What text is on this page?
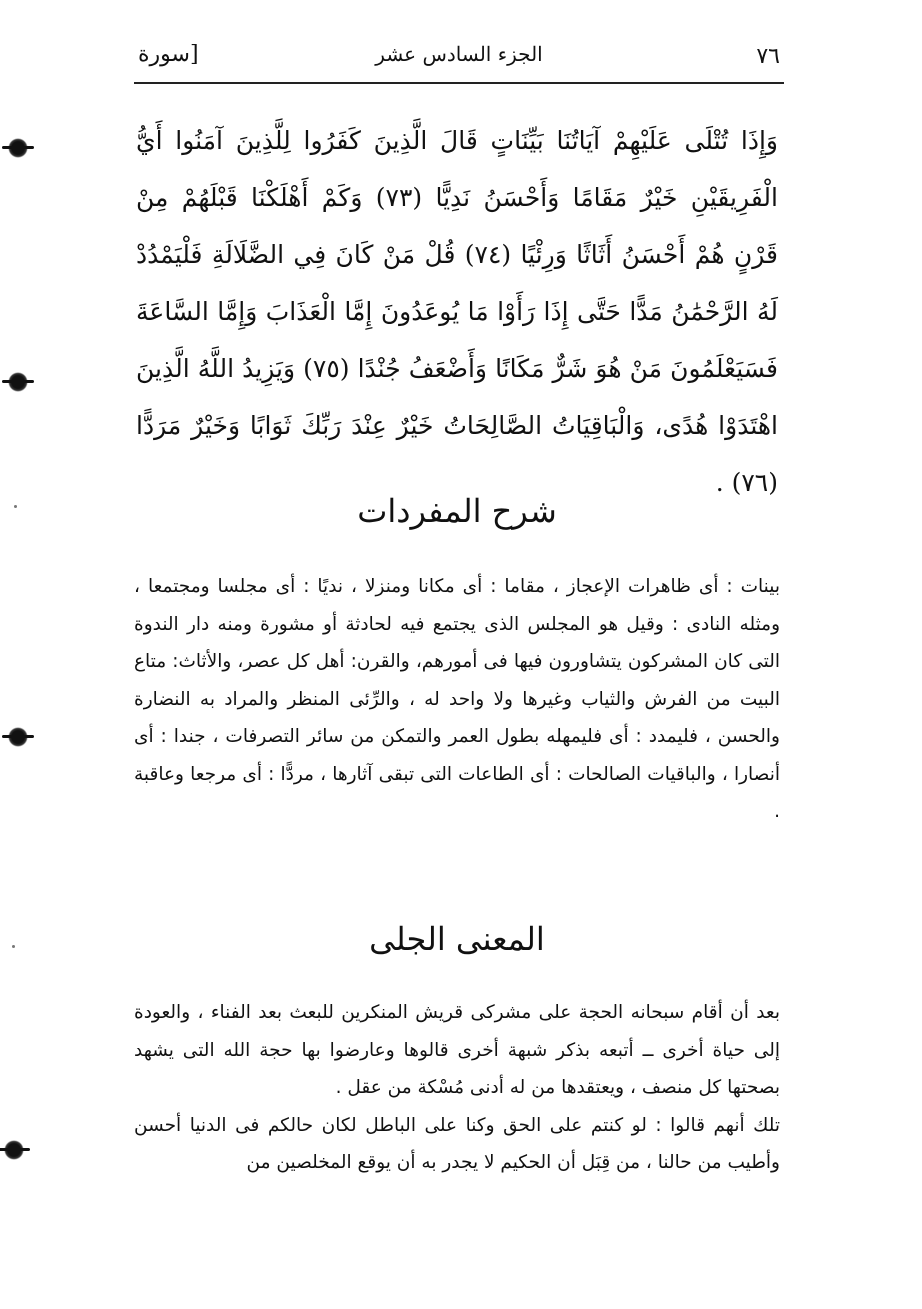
٧٦
الجزء السادس عشر
[سورة
وَإِذَا تُتْلَى عَلَيْهِمْ آيَاتُنَا بَيِّنَاتٍ قَالَ الَّذِينَ كَفَرُوا لِلَّذِينَ آمَنُوا أَيُّ الْفَرِيقَيْنِ خَيْرٌ مَقَامًا وَأَحْسَنُ نَدِيًّا (٧٣) وَكَمْ أَهْلَكْنَا قَبْلَهُمْ مِنْ قَرْنٍ هُمْ أَحْسَنُ أَثَاثًا وَرِئْيًا (٧٤) قُلْ مَنْ كَانَ فِي الضَّلَالَةِ فَلْيَمْدُدْ لَهُ الرَّحْمَٰنُ مَدًّا حَتَّى إِذَا رَأَوْا مَا يُوعَدُونَ إِمَّا الْعَذَابَ وَإِمَّا السَّاعَةَ فَسَيَعْلَمُونَ مَنْ هُوَ شَرٌّ مَكَانًا وَأَضْعَفُ جُنْدًا (٧٥) وَيَزِيدُ اللَّهُ الَّذِينَ اهْتَدَوْا هُدًى، وَالْبَاقِيَاتُ الصَّالِحَاتُ خَيْرٌ عِنْدَ رَبِّكَ ثَوَابًا وَخَيْرٌ مَرَدًّا (٧٦) .
شرح المفردات
بينات : أى ظاهرات الإعجاز ، مقاما : أى مكانا ومنزلا ، نديًا : أى مجلسا ومجتمعا ، ومثله النادى : وقيل هو المجلس الذى يجتمع فيه لحادثة أو مشورة ومنه دار الندوة التى كان المشركون يتشاورون فيها فى أمورهم، والقرن: أهل كل عصر، والأثاث: متاع البيت من الفرش والثياب وغيرها ولا واحد له ، والرِّئى المنظر والمراد به النضارة والحسن ، فليمدد : أى فليمهله بطول العمر والتمكن من سائر التصرفات ، جندا : أى أنصارا ، والباقيات الصالحات : أى الطاعات التى تبقى آثارها ، مردًّا : أى مرجعا وعاقبة .
المعنى الجلى

بعد أن أقام سبحانه الحجة على مشركى قريش المنكرين للبعث بعد الفناء ، والعودة إلى حياة أخرى ــ أتبعه بذكر شبهة أخرى قالوها وعارضوا بها حجة الله التى يشهد بصحتها كل منصف ، ويعتقدها من له أدنى مُسْكة من عقل .

تلك أنهم قالوا : لو كنتم على الحق وكنا على الباطل لكان حالكم فى الدنيا أحسن وأطيب من حالنا ، من قِبَل أن الحكيم لا يجدر به أن يوقع المخلصين من
